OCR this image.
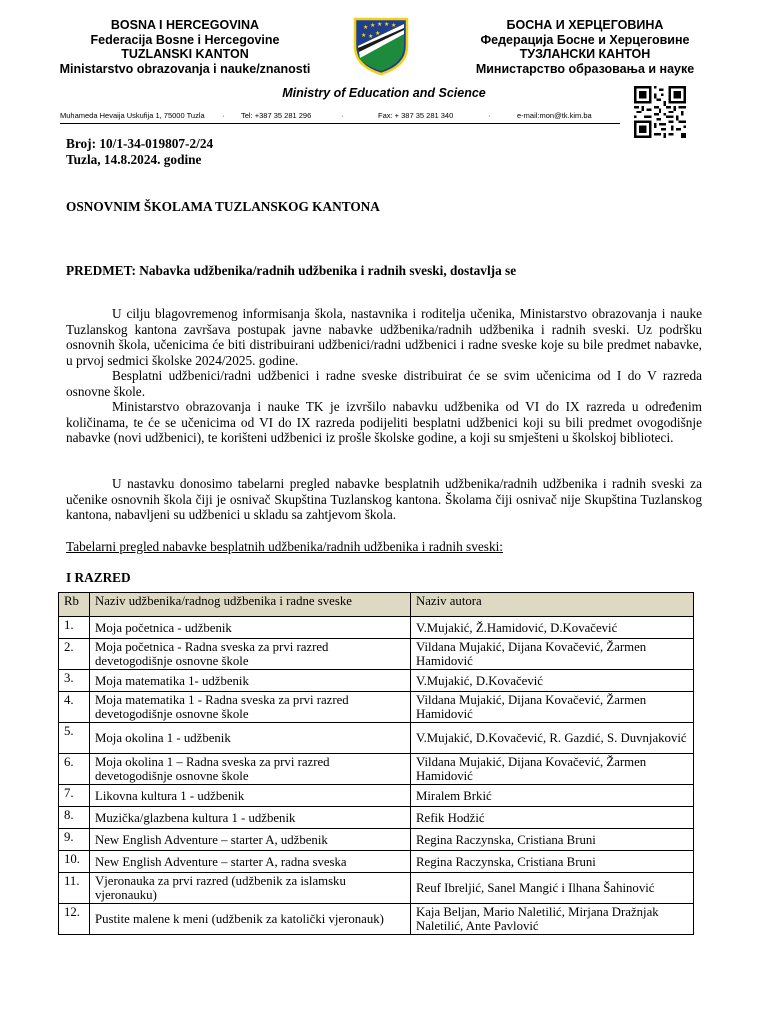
BOSNA I HERCEGOVINA
Federacija Bosne i Hercegovine
TUZLANSKI KANTON
Ministarstvo obrazovanja i nauke/znanosti
★ ★ ★ ★ ★
★ ★ ★
БОСНА И ХЕРЦЕГОВИНА
Федерација Босне и Херцеговине
ТУЗЛАНСКИ КАНТОН
Министарство образовања и науке
Ministry of Education and Science
Muhameda Hevaija Uskufija 1, 75000 Tuzla · Tel: +387 35 281 296	·	Fax: + 387 35 281 340	·	e-mail:mon@tk.kim.ba
Broj: 10/1-34-019807-2/24
Tuzla, 14.8.2024. godine
OSNOVNIM ŠKOLAMA TUZLANSKOG KANTONA
PREDMET: Nabavka udžbenika/radnih udžbenika i radnih sveski, dostavlja se
U cilju blagovremenog informisanja škola, nastavnika i roditelja učenika, Ministarstvo obrazovanja i nauke Tuzlanskog kantona završava postupak javne nabavke udžbenika/radnih udžbenika i radnih sveski. Uz podršku osnovnih škola, učenicima će biti distribuirani udžbenici/radni udžbenici i radne sveske koje su bile predmet nabavke, u prvoj sedmici školske 2024/2025. godine.
Besplatni udžbenici/radni udžbenici i radne sveske distribuirat će se svim učenicima od I do V razreda osnovne škole.
Ministarstvo obrazovanja i nauke TK je izvršilo nabavku udžbenika od VI do IX razreda u određenim količinama, te će se učenicima od VI do IX razreda podijeliti besplatni udžbenici koji su bili predmet ovogodišnje nabavke (novi udžbenici), te korišteni udžbenici iz prošle školske godine, a koji su smješteni u školskoj biblioteci.
U nastavku donosimo tabelarni pregled nabavke besplatnih udžbenika/radnih udžbenika i radnih sveski za učenike osnovnih škola čiji je osnivač Skupština Tuzlanskog kantona. Školama čiji osnivač nije Skupština Tuzlanskog kantona, nabavljeni su udžbenici u skladu sa zahtjevom škola.
Tabelarni pregled nabavke besplatnih udžbenika/radnih udžbenika i radnih sveski:
I RAZRED
Rb	Naziv udžbenika/radnog udžbenika i radne sveske	Naziv autora
1.	Moja početnica - udžbenik	V.Mujakić, Ž.Hamidović, D.Kovačević
2.	Moja početnica - Radna sveska za prvi razred devetogodišnje osnovne škole	Vildana Mujakić, Dijana Kovačević, Žarmen Hamidović
3.	Moja matematika 1- udžbenik	V.Mujakić, D.Kovačević
4.	Moja matematika 1 - Radna sveska za prvi razred devetogodišnje osnovne škole	Vildana Mujakić, Dijana Kovačević, Žarmen Hamidović
5.	Moja okolina 1 - udžbenik	V.Mujakić, D.Kovačević, R. Gazdić, S. Duvnjaković
6.	Moja okolina 1 – Radna sveska za prvi razred devetogodišnje osnovne škole	Vildana Mujakić, Dijana Kovačević, Žarmen Hamidović
7.	Likovna kultura 1 - udžbenik	Miralem Brkić
8.	Muzička/glazbena kultura 1 - udžbenik	Refik Hodžić
9.	New English Adventure – starter A, udžbenik	Regina Raczynska, Cristiana Bruni
10.	New English Adventure – starter A, radna sveska	Regina Raczynska, Cristiana Bruni
11.	Vjeronauka za prvi razred (udžbenik za islamsku vjeronauku)	Reuf Ibreljić, Sanel Mangić i Ilhana Šahinović
12.	Pustite malene k meni (udžbenik za katolički vjeronauk)	Kaja Beljan, Mario Naletilić, Mirjana Dražnjak Naletilić, Ante Pavlović
